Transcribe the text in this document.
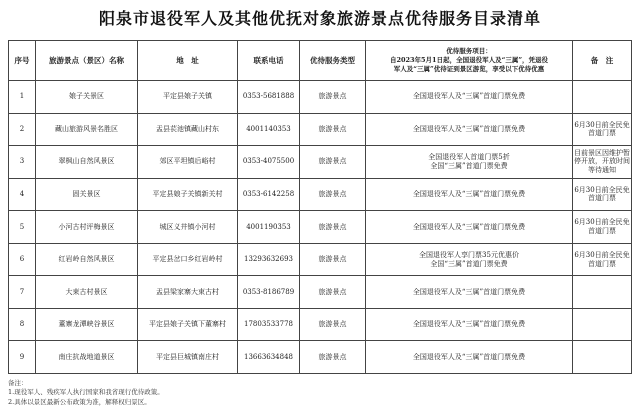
阳泉市退役军人及其他优抚对象旅游景点优待服务目录清单
序号	旅游景点（景区）名称	地　址	联系电话	优待服务类型	优待服务项目：
自2023年5月1日起，全国退役军人及“三属”，凭退役
军人及“三属”优待证到景区游览，享受以下优待优惠	备　注
1	娘子关景区	平定县娘子关镇	0353-5681888	旅游景点	全国退役军人及“三属”首道门票免费	

2	藏山旅游风景名胜区	盂县苌池镇藏山村东	4001140353	旅游景点	全国退役军人及“三属”首道门票免费	6月30日前全民免首道门票
3	翠枫山自然风景区	郊区平坦镇后峪村	0353-4075500	旅游景点	全国退役军人首道门票5折
全国“三属”首道门票免费	目前景区因维护暂停开放，开放时间等待通知
4	固关景区	平定县娘子关镇新关村	0353-6142258	旅游景点	全国退役军人及“三属”首道门票免费	6月30日前全民免首道门票
5	小河古村评梅景区	城区义井镇小河村	4001190353	旅游景点	全国退役军人及“三属”首道门票免费	6月30日前全民免首道门票
6	红岩岭自然风景区	平定县岔口乡红岩岭村	13293632693	旅游景点	全国退役军人享门票35元优惠价
全国“三属”首道门票免费	6月30日前全民免首道门票
7	大束古村景区	盂县梁家寨大束古村	0353-8186789	旅游景点	全国退役军人及“三属”首道门票免费	

8	董寨龙潭峡谷景区	平定县娘子关镇下董寨村	17803533778	旅游景点	全国退役军人及“三属”首道门票免费	

9	南庄抗战地道景区	平定县巨城镇南庄村	13663634848	旅游景点	全国退役军人及“三属”首道门票免费	

备注：
1.现役军人、残疾军人执行国家和我省现行优待政策。
2.具体以景区最新公布政策为准，解释权归景区。
